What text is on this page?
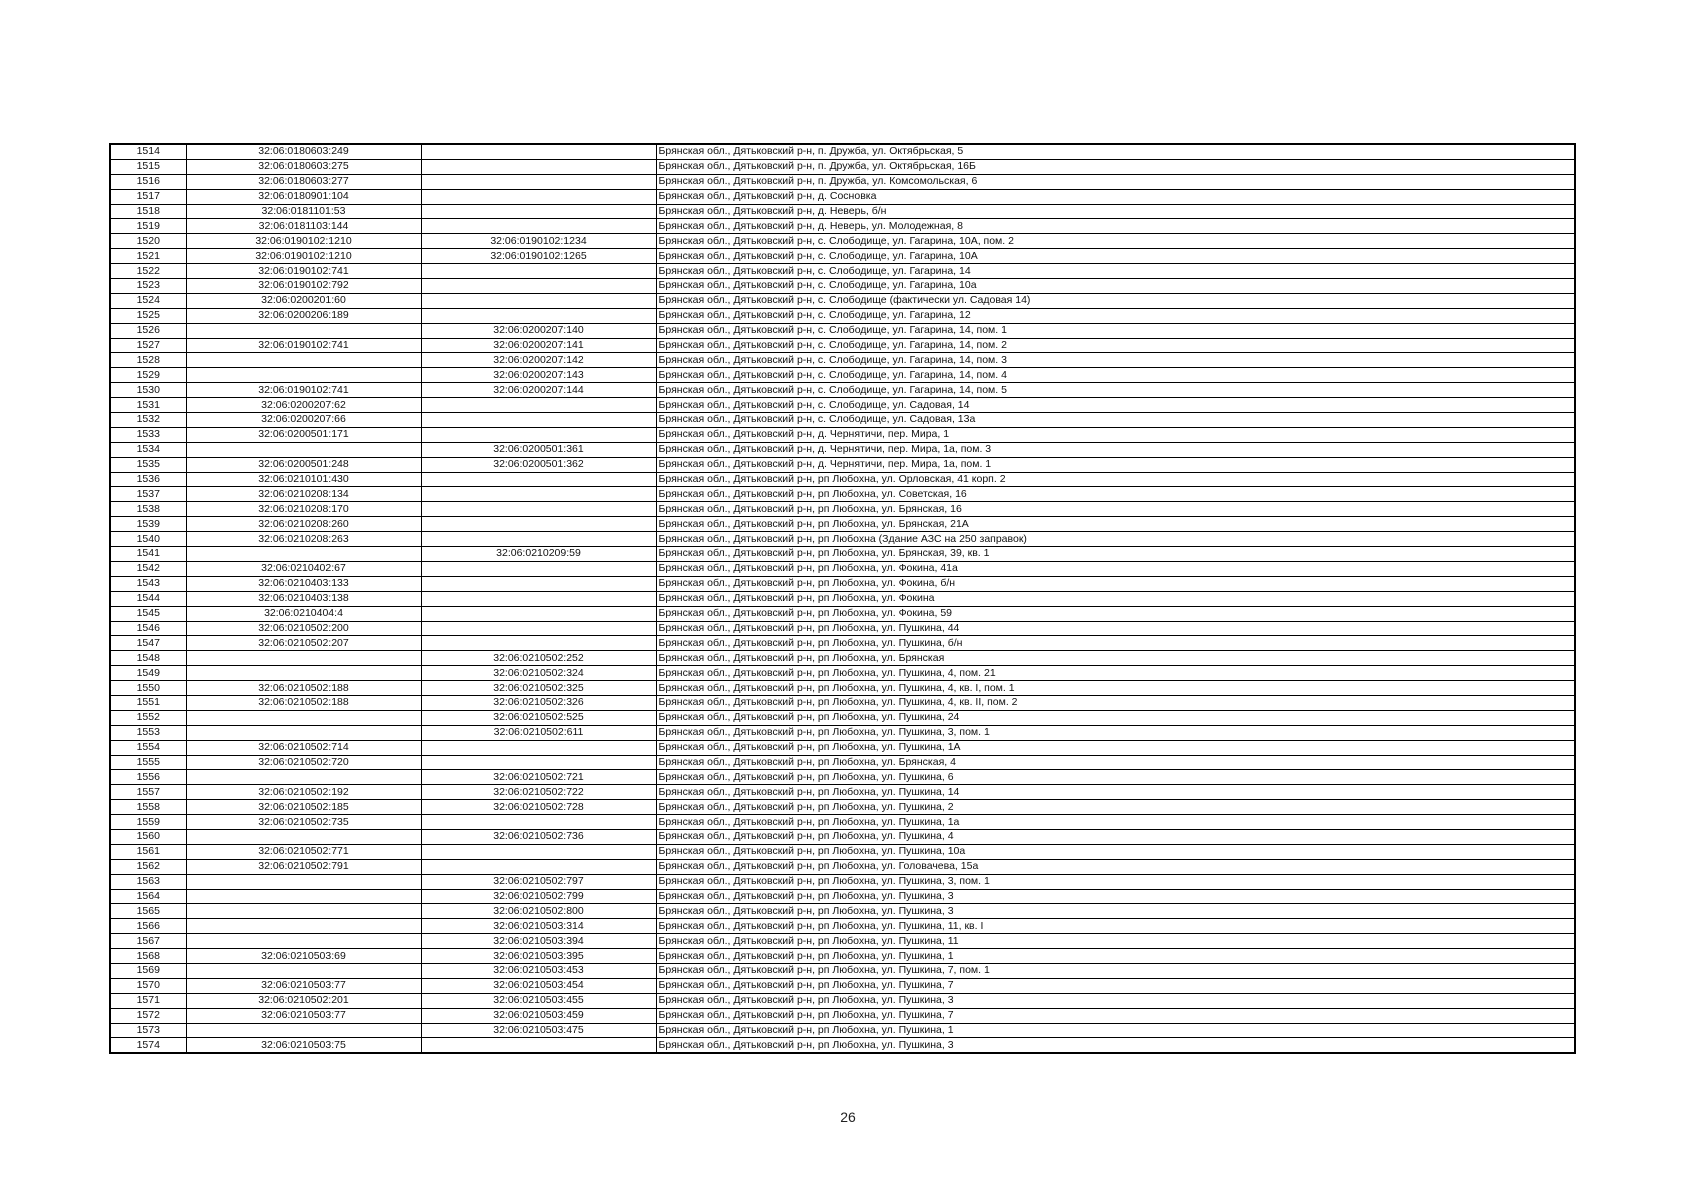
1514	32:06:0180603:249		Брянская обл., Дятьковский р-н, п. Дружба, ул. Октябрьская, 5
1515	32:06:0180603:275		Брянская обл., Дятьковский р-н, п. Дружба, ул. Октябрьская, 16Б
1516	32:06:0180603:277		Брянская обл., Дятьковский р-н, п. Дружба, ул. Комсомольская, 6
1517	32:06:0180901:104		Брянская обл., Дятьковский р-н, д. Сосновка
1518	32:06:0181101:53		Брянская обл., Дятьковский р-н, д. Неверь, б/н
1519	32:06:0181103:144		Брянская обл., Дятьковский р-н, д. Неверь, ул. Молодежная, 8
1520	32:06:0190102:1210	32:06:0190102:1234	Брянская обл., Дятьковский р-н, с. Слободище, ул. Гагарина, 10А, пом. 2
1521	32:06:0190102:1210	32:06:0190102:1265	Брянская обл., Дятьковский р-н, с. Слободище, ул. Гагарина, 10А
1522	32:06:0190102:741		Брянская обл., Дятьковский р-н, с. Слободище, ул. Гагарина, 14
1523	32:06:0190102:792		Брянская обл., Дятьковский р-н, с. Слободище, ул. Гагарина, 10а
1524	32:06:0200201:60		Брянская обл., Дятьковский р-н, с. Слободище (фактически ул. Садовая 14)
1525	32:06:0200206:189		Брянская обл., Дятьковский р-н, с. Слободище, ул. Гагарина, 12
1526		32:06:0200207:140	Брянская обл., Дятьковский р-н, с. Слободище, ул. Гагарина, 14, пом. 1
1527	32:06:0190102:741	32:06:0200207:141	Брянская обл., Дятьковский р-н, с. Слободище, ул. Гагарина, 14, пом. 2
1528		32:06:0200207:142	Брянская обл., Дятьковский р-н, с. Слободище, ул. Гагарина, 14, пом. 3
1529		32:06:0200207:143	Брянская обл., Дятьковский р-н, с. Слободище, ул. Гагарина, 14, пом. 4
1530	32:06:0190102:741	32:06:0200207:144	Брянская обл., Дятьковский р-н, с. Слободище, ул. Гагарина, 14, пом. 5
1531	32:06:0200207:62		Брянская обл., Дятьковский р-н, с. Слободище, ул. Садовая, 14
1532	32:06:0200207:66		Брянская обл., Дятьковский р-н, с. Слободище, ул. Садовая, 13а
1533	32:06:0200501:171		Брянская обл., Дятьковский р-н, д. Чернятичи, пер. Мира, 1
1534		32:06:0200501:361	Брянская обл., Дятьковский р-н, д. Чернятичи, пер. Мира, 1а, пом. 3
1535	32:06:0200501:248	32:06:0200501:362	Брянская обл., Дятьковский р-н, д. Чернятичи, пер. Мира, 1а, пом. 1
1536	32:06:0210101:430		Брянская обл., Дятьковский р-н, рп Любохна, ул. Орловская, 41 корп. 2
1537	32:06:0210208:134		Брянская обл., Дятьковский р-н, рп Любохна, ул. Советская, 16
1538	32:06:0210208:170		Брянская обл., Дятьковский р-н, рп Любохна, ул. Брянская, 16
1539	32:06:0210208:260		Брянская обл., Дятьковский р-н, рп Любохна, ул. Брянская, 21А
1540	32:06:0210208:263		Брянская обл., Дятьковский р-н, рп Любохна (Здание АЗС на 250 заправок)
1541		32:06:0210209:59	Брянская обл., Дятьковский р-н, рп Любохна, ул. Брянская, 39, кв. 1
1542	32:06:0210402:67		Брянская обл., Дятьковский р-н, рп Любохна, ул. Фокина, 41а
1543	32:06:0210403:133		Брянская обл., Дятьковский р-н, рп Любохна, ул. Фокина, б/н
1544	32:06:0210403:138		Брянская обл., Дятьковский р-н, рп Любохна, ул. Фокина
1545	32:06:0210404:4		Брянская обл., Дятьковский р-н, рп Любохна, ул. Фокина, 59
1546	32:06:0210502:200		Брянская обл., Дятьковский р-н, рп Любохна, ул. Пушкина, 44
1547	32:06:0210502:207		Брянская обл., Дятьковский р-н, рп Любохна, ул. Пушкина, б/н
1548		32:06:0210502:252	Брянская обл., Дятьковский р-н, рп Любохна, ул. Брянская
1549		32:06:0210502:324	Брянская обл., Дятьковский р-н, рп Любохна, ул. Пушкина, 4, пом. 21
1550	32:06:0210502:188	32:06:0210502:325	Брянская обл., Дятьковский р-н, рп Любохна, ул. Пушкина, 4, кв. I, пом. 1
1551	32:06:0210502:188	32:06:0210502:326	Брянская обл., Дятьковский р-н, рп Любохна, ул. Пушкина, 4, кв. II, пом. 2
1552		32:06:0210502:525	Брянская обл., Дятьковский р-н, рп Любохна, ул. Пушкина, 24
1553		32:06:0210502:611	Брянская обл., Дятьковский р-н, рп Любохна, ул. Пушкина, 3, пом. 1
1554	32:06:0210502:714		Брянская обл., Дятьковский р-н, рп Любохна, ул. Пушкина, 1А
1555	32:06:0210502:720		Брянская обл., Дятьковский р-н, рп Любохна, ул. Брянская, 4
1556		32:06:0210502:721	Брянская обл., Дятьковский р-н, рп Любохна, ул. Пушкина, 6
1557	32:06:0210502:192	32:06:0210502:722	Брянская обл., Дятьковский р-н, рп Любохна, ул. Пушкина, 14
1558	32:06:0210502:185	32:06:0210502:728	Брянская обл., Дятьковский р-н, рп Любохна, ул. Пушкина, 2
1559	32:06:0210502:735		Брянская обл., Дятьковский р-н, рп Любохна, ул. Пушкина, 1а
1560		32:06:0210502:736	Брянская обл., Дятьковский р-н, рп Любохна, ул. Пушкина, 4
1561	32:06:0210502:771		Брянская обл., Дятьковский р-н, рп Любохна, ул. Пушкина, 10а
1562	32:06:0210502:791		Брянская обл., Дятьковский р-н, рп Любохна, ул. Головачева, 15а
1563		32:06:0210502:797	Брянская обл., Дятьковский р-н, рп Любохна, ул. Пушкина, 3, пом. 1
1564		32:06:0210502:799	Брянская обл., Дятьковский р-н, рп Любохна, ул. Пушкина, 3
1565		32:06:0210502:800	Брянская обл., Дятьковский р-н, рп Любохна, ул. Пушкина, 3
1566		32:06:0210503:314	Брянская обл., Дятьковский р-н, рп Любохна, ул. Пушкина, 11, кв. I
1567		32:06:0210503:394	Брянская обл., Дятьковский р-н, рп Любохна, ул. Пушкина, 11
1568	32:06:0210503:69	32:06:0210503:395	Брянская обл., Дятьковский р-н, рп Любохна, ул. Пушкина, 1
1569		32:06:0210503:453	Брянская обл., Дятьковский р-н, рп Любохна, ул. Пушкина, 7, пом. 1
1570	32:06:0210503:77	32:06:0210503:454	Брянская обл., Дятьковский р-н, рп Любохна, ул. Пушкина, 7
1571	32:06:0210502:201	32:06:0210503:455	Брянская обл., Дятьковский р-н, рп Любохна, ул. Пушкина, 3
1572	32:06:0210503:77	32:06:0210503:459	Брянская обл., Дятьковский р-н, рп Любохна, ул. Пушкина, 7
1573		32:06:0210503:475	Брянская обл., Дятьковский р-н, рп Любохна, ул. Пушкина, 1
1574	32:06:0210503:75		Брянская обл., Дятьковский р-н, рп Любохна, ул. Пушкина, 3
26
